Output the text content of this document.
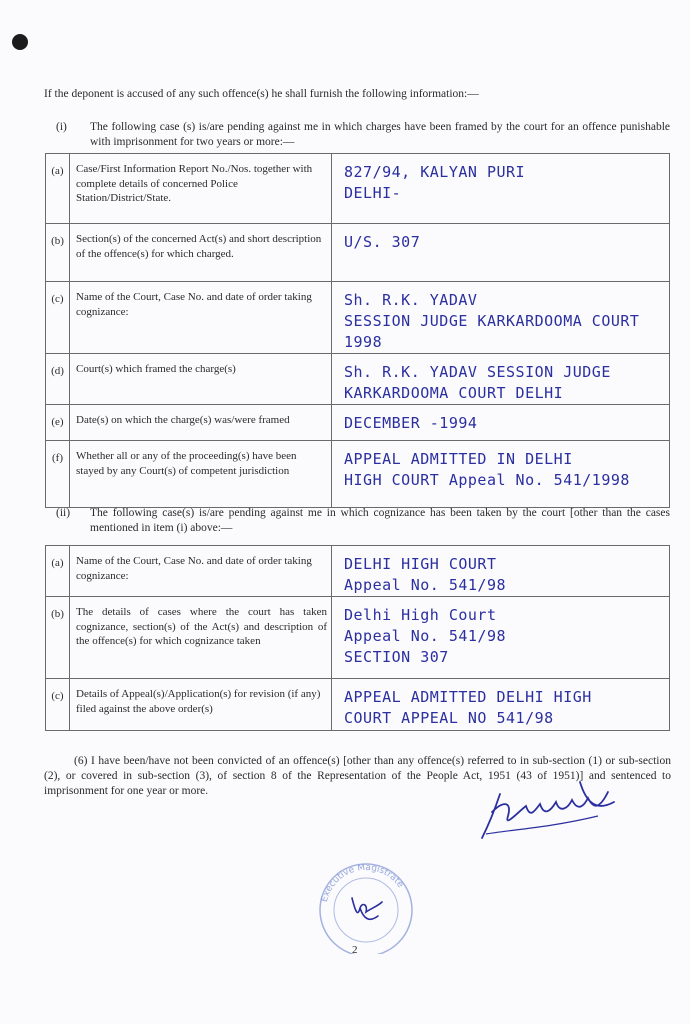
If the deponent is accused of any such offence(s) he shall furnish the following information:—
(i) The following case (s) is/are pending against me in which charges have been framed by the court for an offence punishable with imprisonment for two years or more:—
(a)	Case/First Information Report No./Nos. together with complete details of concerned Police Station/District/State.	827/94, KALYAN PURI
DELHI-

(b)	Section(s) of the concerned Act(s) and short description of the offence(s) for which charged.	U/S. 307

(c)	Name of the Court, Case No. and date of order taking cognizance:	Sh. R.K. YADAV
SESSION JUDGE KARKARDOOMA COURT
1998

(d)	Court(s) which framed the charge(s)	Sh. R.K. YADAV SESSION JUDGE
KARKARDOOMA COURT DELHI

(e)	Date(s) on which the charge(s) was/were framed	DECEMBER -1994

(f)	Whether all or any of the proceeding(s) have been stayed by any Court(s) of competent jurisdiction	APPEAL ADMITTED IN DELHI
HIGH COURT Appeal No. 541/1998
(ii) The following case(s) is/are pending against me in which cognizance has been taken by the court [other than the cases mentioned in item (i) above:—
(a)	Name of the Court, Case No. and date of order taking cognizance:	DELHI HIGH COURT
Appeal No. 541/98

(b)	The details of cases where the court has taken cognizance, section(s) of the Act(s) and description of the offence(s) for which cognizance taken	Delhi High Court
Appeal No. 541/98
SECTION 307

(c)	Details of Appeal(s)/Application(s) for revision (if any) filed against the above order(s)	APPEAL ADMITTED DELHI HIGH
COURT APPEAL NO 541/98
(6) I have been/have not been convicted of an offence(s) [other than any offence(s) referred to in sub-section (1) or sub-section (2), or covered in sub-section (3), of section 8 of the Representation of the People Act, 1951 (43 of 1951)] and sentenced to imprisonment for one year or more.
Executive Magistrate
2
